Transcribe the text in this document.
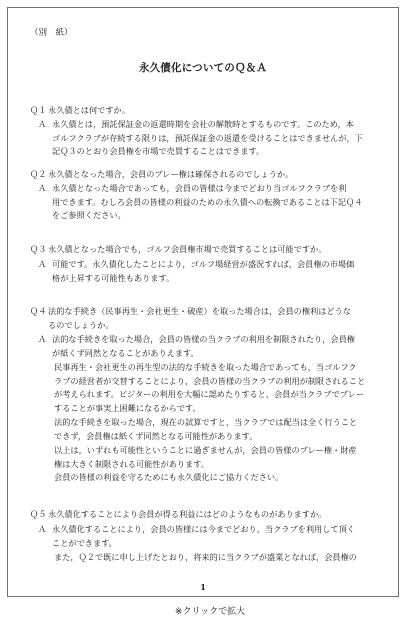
（別　紙）
永久債化についてのＱ＆Ａ
Ｑ１ 永久債とは何ですか。
Ａ 永久債とは，預託保証金の返還時期を会社の解散時とするものです。このため，本
ゴルフクラブが存続する限りは，預託保証金の返還を受けることはできませんが，下
記Ｑ３のとおり会員権を市場で売買することはできます。
Ｑ２ 永久債となった場合，会員のプレー権は確保されるのでしょうか。
Ａ 永久債となった場合であっても，会員の皆様は今までどおり当ゴルフクラブを利
用できます。むしろ会員の皆様の利益のための永久債への転換であることは下記Ｑ４
をご参照ください。
Ｑ３ 永久債となった場合でも，ゴルフ会員権市場で売買することは可能ですか。
Ａ 可能です。永久債化したことにより，ゴルフ場経営が盛況すれば，会員権の市場価
格が上昇する可能性もあります。
Ｑ４ 法的な手続き（民事再生・会社更生・破産）を取った場合は，会員の権利はどうな
るのでしょうか。
Ａ 法的な手続きを取った場合，会員の皆様の当クラブの利用を制限されたり，会員権
が紙くず同然となることがありえます。
民事再生・会社更生の再生型の法的な手続きを取った場合であっても，当ゴルフク
ラブの経営者が交替することにより，会員の皆様の当クラブの利用が制限されること
が考えられます。ビジターの利用を大幅に認めたりすると，会員が当クラブでプレー
することが事実上困難になるからです。
法的な手続きを取った場合，現在の試算ですと，当クラブでは配当は全く行うこと
できず，会員権は紙くず同然となる可能性があります。
以上は，いずれも可能性ということに過ぎませんが，会員の皆様のプレー権・財産
権は大きく制限される可能性があります。
会員の皆様の利益を守るためにも永久債化にご協力ください。
Ｑ５ 永久債化することにより会員が得る利益にはどのようなものがありますか。
Ａ 永久債化することにより，会員の皆様には今までどおり，当クラブを利用して頂く
ことができます。
また，Ｑ２で既に申し上げたとおり，将来的に当クラブが盛業となれば，会員権の
1
※クリックで拡大
